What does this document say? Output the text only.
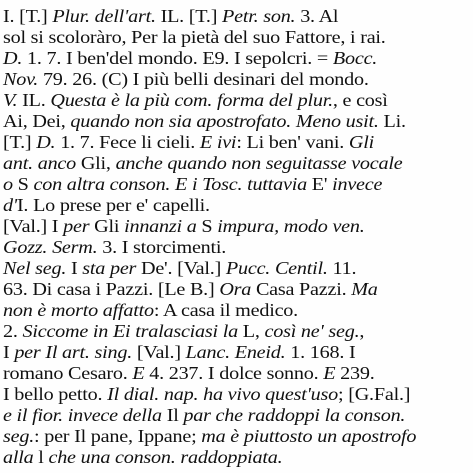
I. [T.] Plur. dell'art. IL. [T.] Petr. son. 3. Al
sol si scoloràro, Per la pietà del suo Fattore, i rai.
D. 1. 7. I ben'del mondo. E9. I sepolcri. = Bocc.
Nov. 79. 26. (C) I più belli desinari del mondo.
V. IL. Questa è la più com. forma del plur., e così
Ai, Dei, quando non sia apostrofato. Meno usit. Li.
[T.] D. 1. 7. Fece li cieli. E ivi: Li ben' vani. Gli
ant. anco Gli, anche quando non seguitasse vocale
o S con altra conson. E i Tosc. tuttavia E' invece
d'I. Lo prese per e' capelli.
[Val.] I per Gli innanzi a S impura, modo ven.
Gozz. Serm. 3. I storcimenti.
Nel seg. I sta per De'. [Val.] Pucc. Centil. 11.
63. Di casa i Pazzi. [Le B.] Ora Casa Pazzi. Ma
non è morto affatto: A casa il medico.
2. Siccome in Ei tralasciasi la L, così ne' seg.,
I per Il art. sing. [Val.] Lanc. Eneid. 1. 168. I
romano Cesaro. E 4. 237. I dolce sonno. E 239.
I bello petto. Il dial. nap. ha vivo quest'uso; [G.Fal.]
e il fior. invece della Il par che raddoppi la conson.
seg.: per Il pane, Ippane; ma è piuttosto un apostrofo
alla l che una conson. raddoppiata.
